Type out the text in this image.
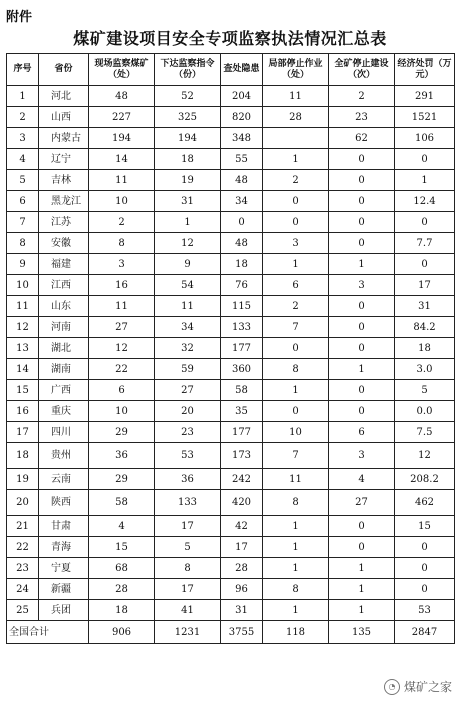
附件
煤矿建设项目安全专项监察执法情况汇总表
序号	省份	现场监察煤矿（处）	下达监察指令（份）	查处隐患	局部停止作业（处）	全矿停止建设（次）	经济处罚（万元）
1	河北	48	52	204	11	2	291
2	山西	227	325	820	28	23	1521
3	内蒙古	194	194	348		62	106
4	辽宁	14	18	55	1	0	0
5	吉林	11	19	48	2	0	1
6	黑龙江	10	31	34	0	0	12.4
7	江苏	2	1	0	0	0	0
8	安徽	8	12	48	3	0	7.7
9	福建	3	9	18	1	1	0
10	江西	16	54	76	6	3	17
11	山东	11	11	115	2	0	31
12	河南	27	34	133	7	0	84.2
13	湖北	12	32	177	0	0	18
14	湖南	22	59	360	8	1	3.0
15	广西	6	27	58	1	0	5
16	重庆	10	20	35	0	0	0.0
17	四川	29	23	177	10	6	7.5
18	贵州	36	53	173	7	3	12
19	云南	29	36	242	11	4	208.2
20	陕西	58	133	420	8	27	462
21	甘肃	4	17	42	1	0	15
22	青海	15	5	17	1	0	0
23	宁夏	68	8	28	1	1	0
24	新疆	28	17	96	8	1	0
25	兵团	18	41	31	1	1	53
全国合计		906	1231	3755	118	135	2847
◔ 煤矿之家
